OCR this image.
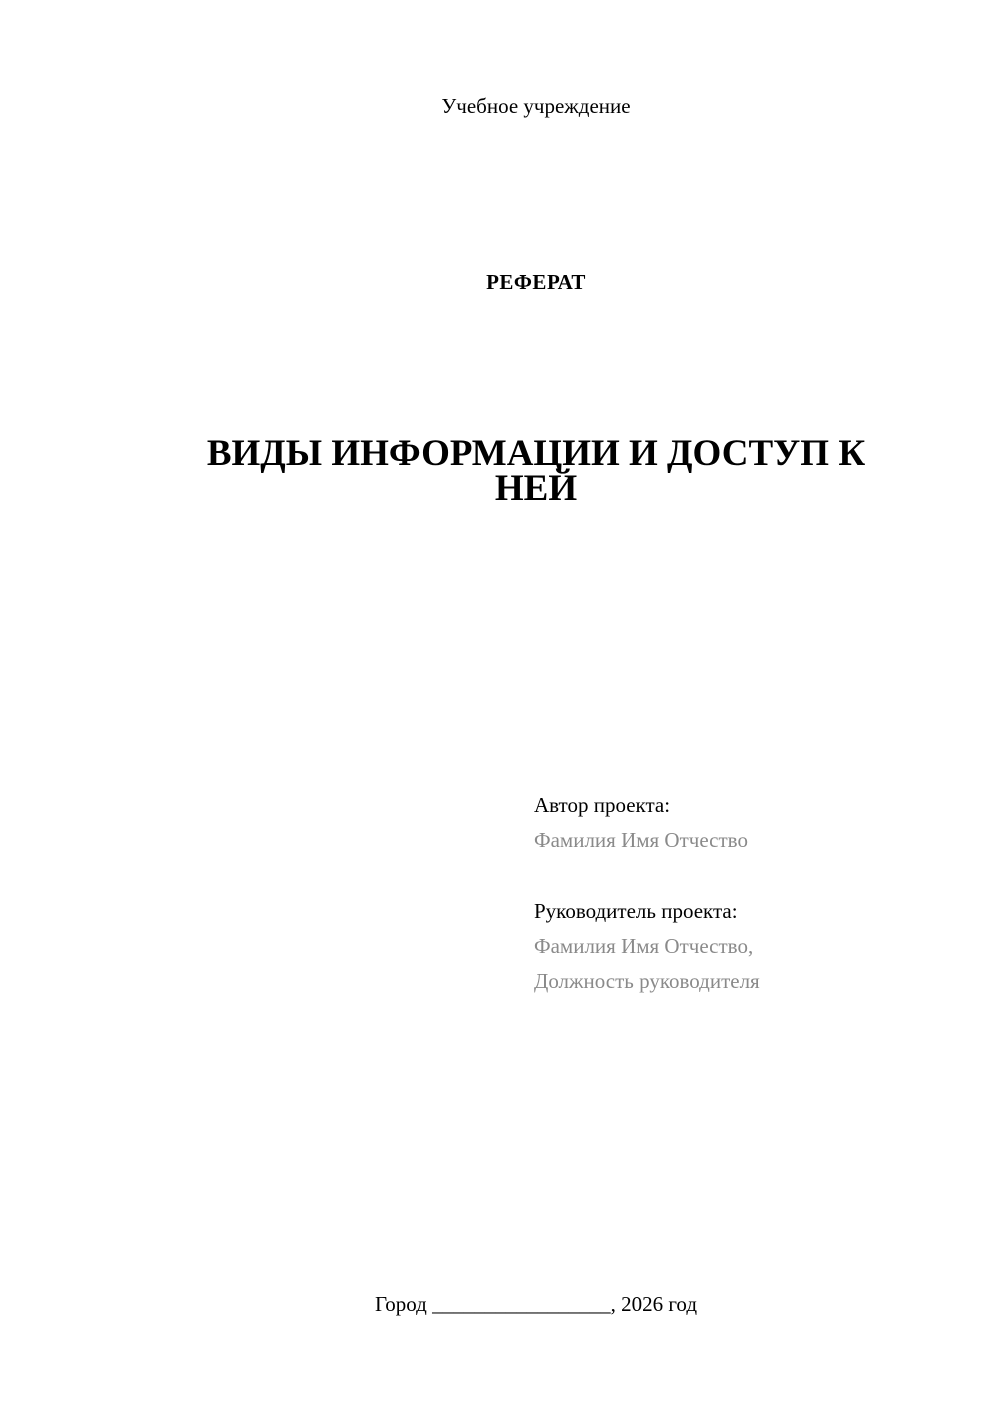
Учебное учреждение
РЕФЕРАТ
ВИДЫ ИНФОРМАЦИИ И ДОСТУП К НЕЙ
Автор проекта:
Фамилия Имя Отчество
Руководитель проекта:
Фамилия Имя Отчество,
Должность руководителя
Город _________________, 2026 год
